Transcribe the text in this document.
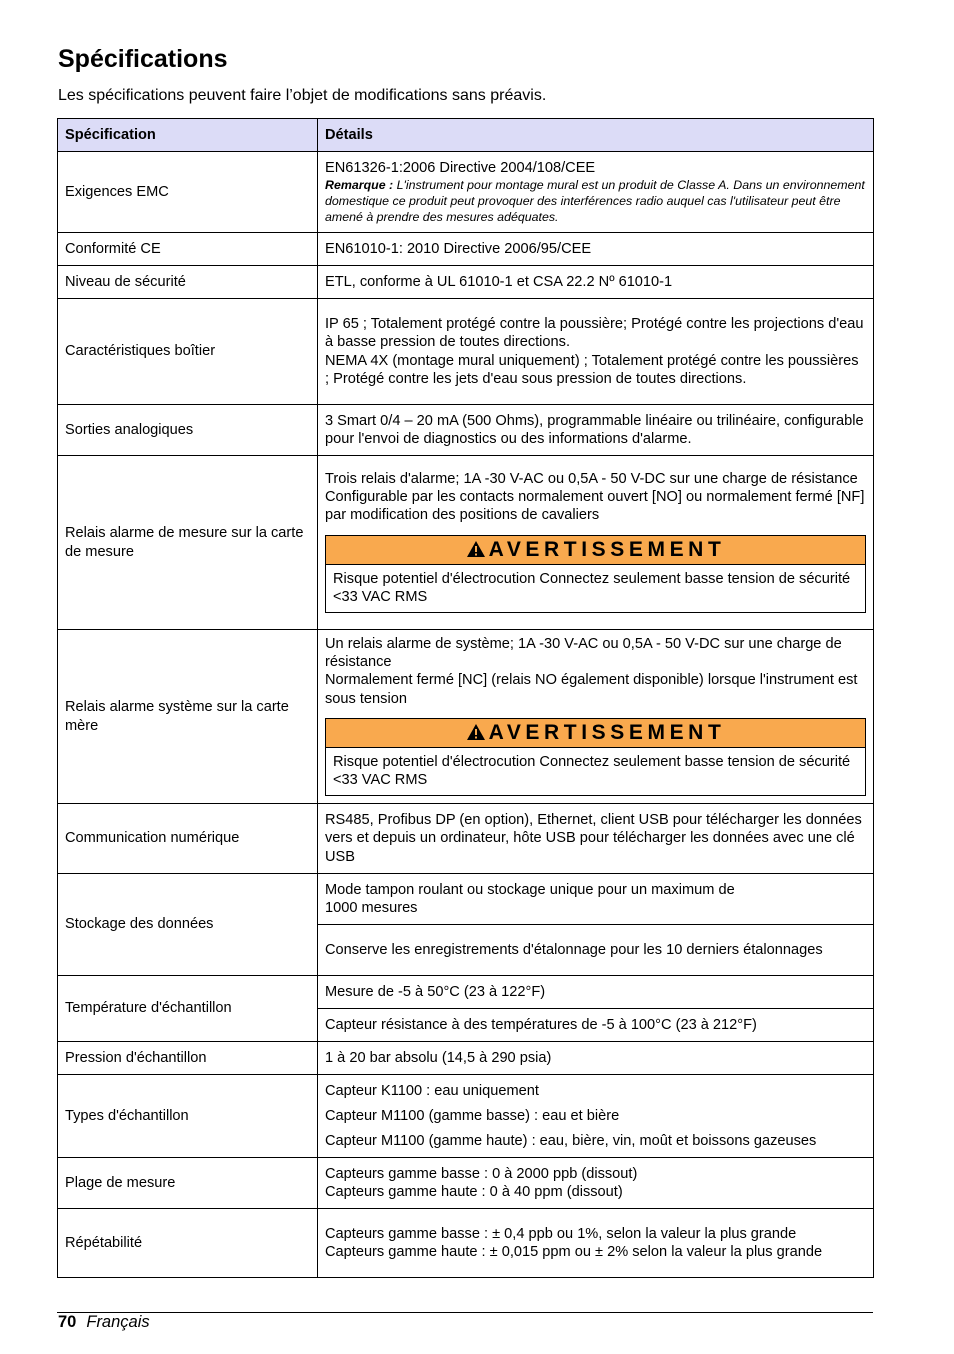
Spécifications

Les spécifications peuvent faire l’objet de modifications sans préavis.

Spécification	Détails
Exigences EMC	EN61326-1:2006 Directive 2004/108/CEE
Remarque : L'instrument pour montage mural est un produit de Classe A. Dans un environnement domestique ce produit peut provoquer des interférences radio auquel cas l'utilisateur peut être amené à prendre des mesures adéquates.

Conformité CE	EN61010-1: 2010 Directive 2006/95/CEE
Niveau de sécurité	ETL, conforme à UL 61010-1 et CSA 22.2 Nº 61010-1
Caractéristiques boîtier	IP 65 ; Totalement protégé contre la poussière; Protégé contre les projections d'eau à basse pression de toutes directions.
NEMA 4X (montage mural uniquement) ; Totalement protégé contre les poussières ; Protégé contre les jets d'eau sous pression de toutes directions.

Sorties analogiques	3 Smart 0/4 – 20 mA (500 Ohms), programmable linéaire ou trilinéaire, configurable pour l'envoi de diagnostics ou des informations d'alarme.
Relais alarme de mesure sur la carte de mesure	Trois relais d'alarme; 1A -30 V-AC ou 0,5A - 50 V-DC sur une charge de résistance
Configurable par les contacts normalement ouvert [NO] ou normalement fermé [NF] par modification des positions de cavaliers
AVERTISSEMENT
Risque potentiel d'électrocution Connectez seulement basse tension de sécurité <33 VAC RMS

Relais alarme système sur la carte mère	Un relais alarme de système; 1A -30 V-AC ou 0,5A - 50 V-DC sur une charge de résistance
Normalement fermé [NC] (relais NO également disponible) lorsque l'instrument est sous tension
AVERTISSEMENT
Risque potentiel d'électrocution Connectez seulement basse tension de sécurité <33 VAC RMS

Communication numérique	RS485, Profibus DP (en option), Ethernet, client USB pour télécharger les données vers et depuis un ordinateur, hôte USB pour télécharger les données avec une clé USB
Stockage des données	Mode tampon roulant ou stockage unique pour un maximum de
1000 mesures

	Conserve les enregistrements d'étalonnage pour les 10 derniers étalonnages
Température d'échantillon	Mesure de -5 à 50°C (23 à 122°F)
	Capteur résistance à des températures de -5 à 100°C (23 à 212°F)
Pression d'échantillon	1 à 20 bar absolu (14,5 à 290 psia)
Types d'échantillon	Capteur K1100 : eau uniquement
Capteur M1100 (gamme basse) : eau et bière
Capteur M1100 (gamme haute) : eau, bière, vin, moût et boissons gazeuses

Plage de mesure	Capteurs gamme basse : 0 à 2000 ppb (dissout)
Capteurs gamme haute : 0 à 40 ppm (dissout)

Répétabilité	Capteurs gamme basse : ± 0,4 ppb ou 1%, selon la valeur la plus grande
Capteurs gamme haute : ± 0,015 ppm ou ± 2% selon la valeur la plus grande
70 Français
